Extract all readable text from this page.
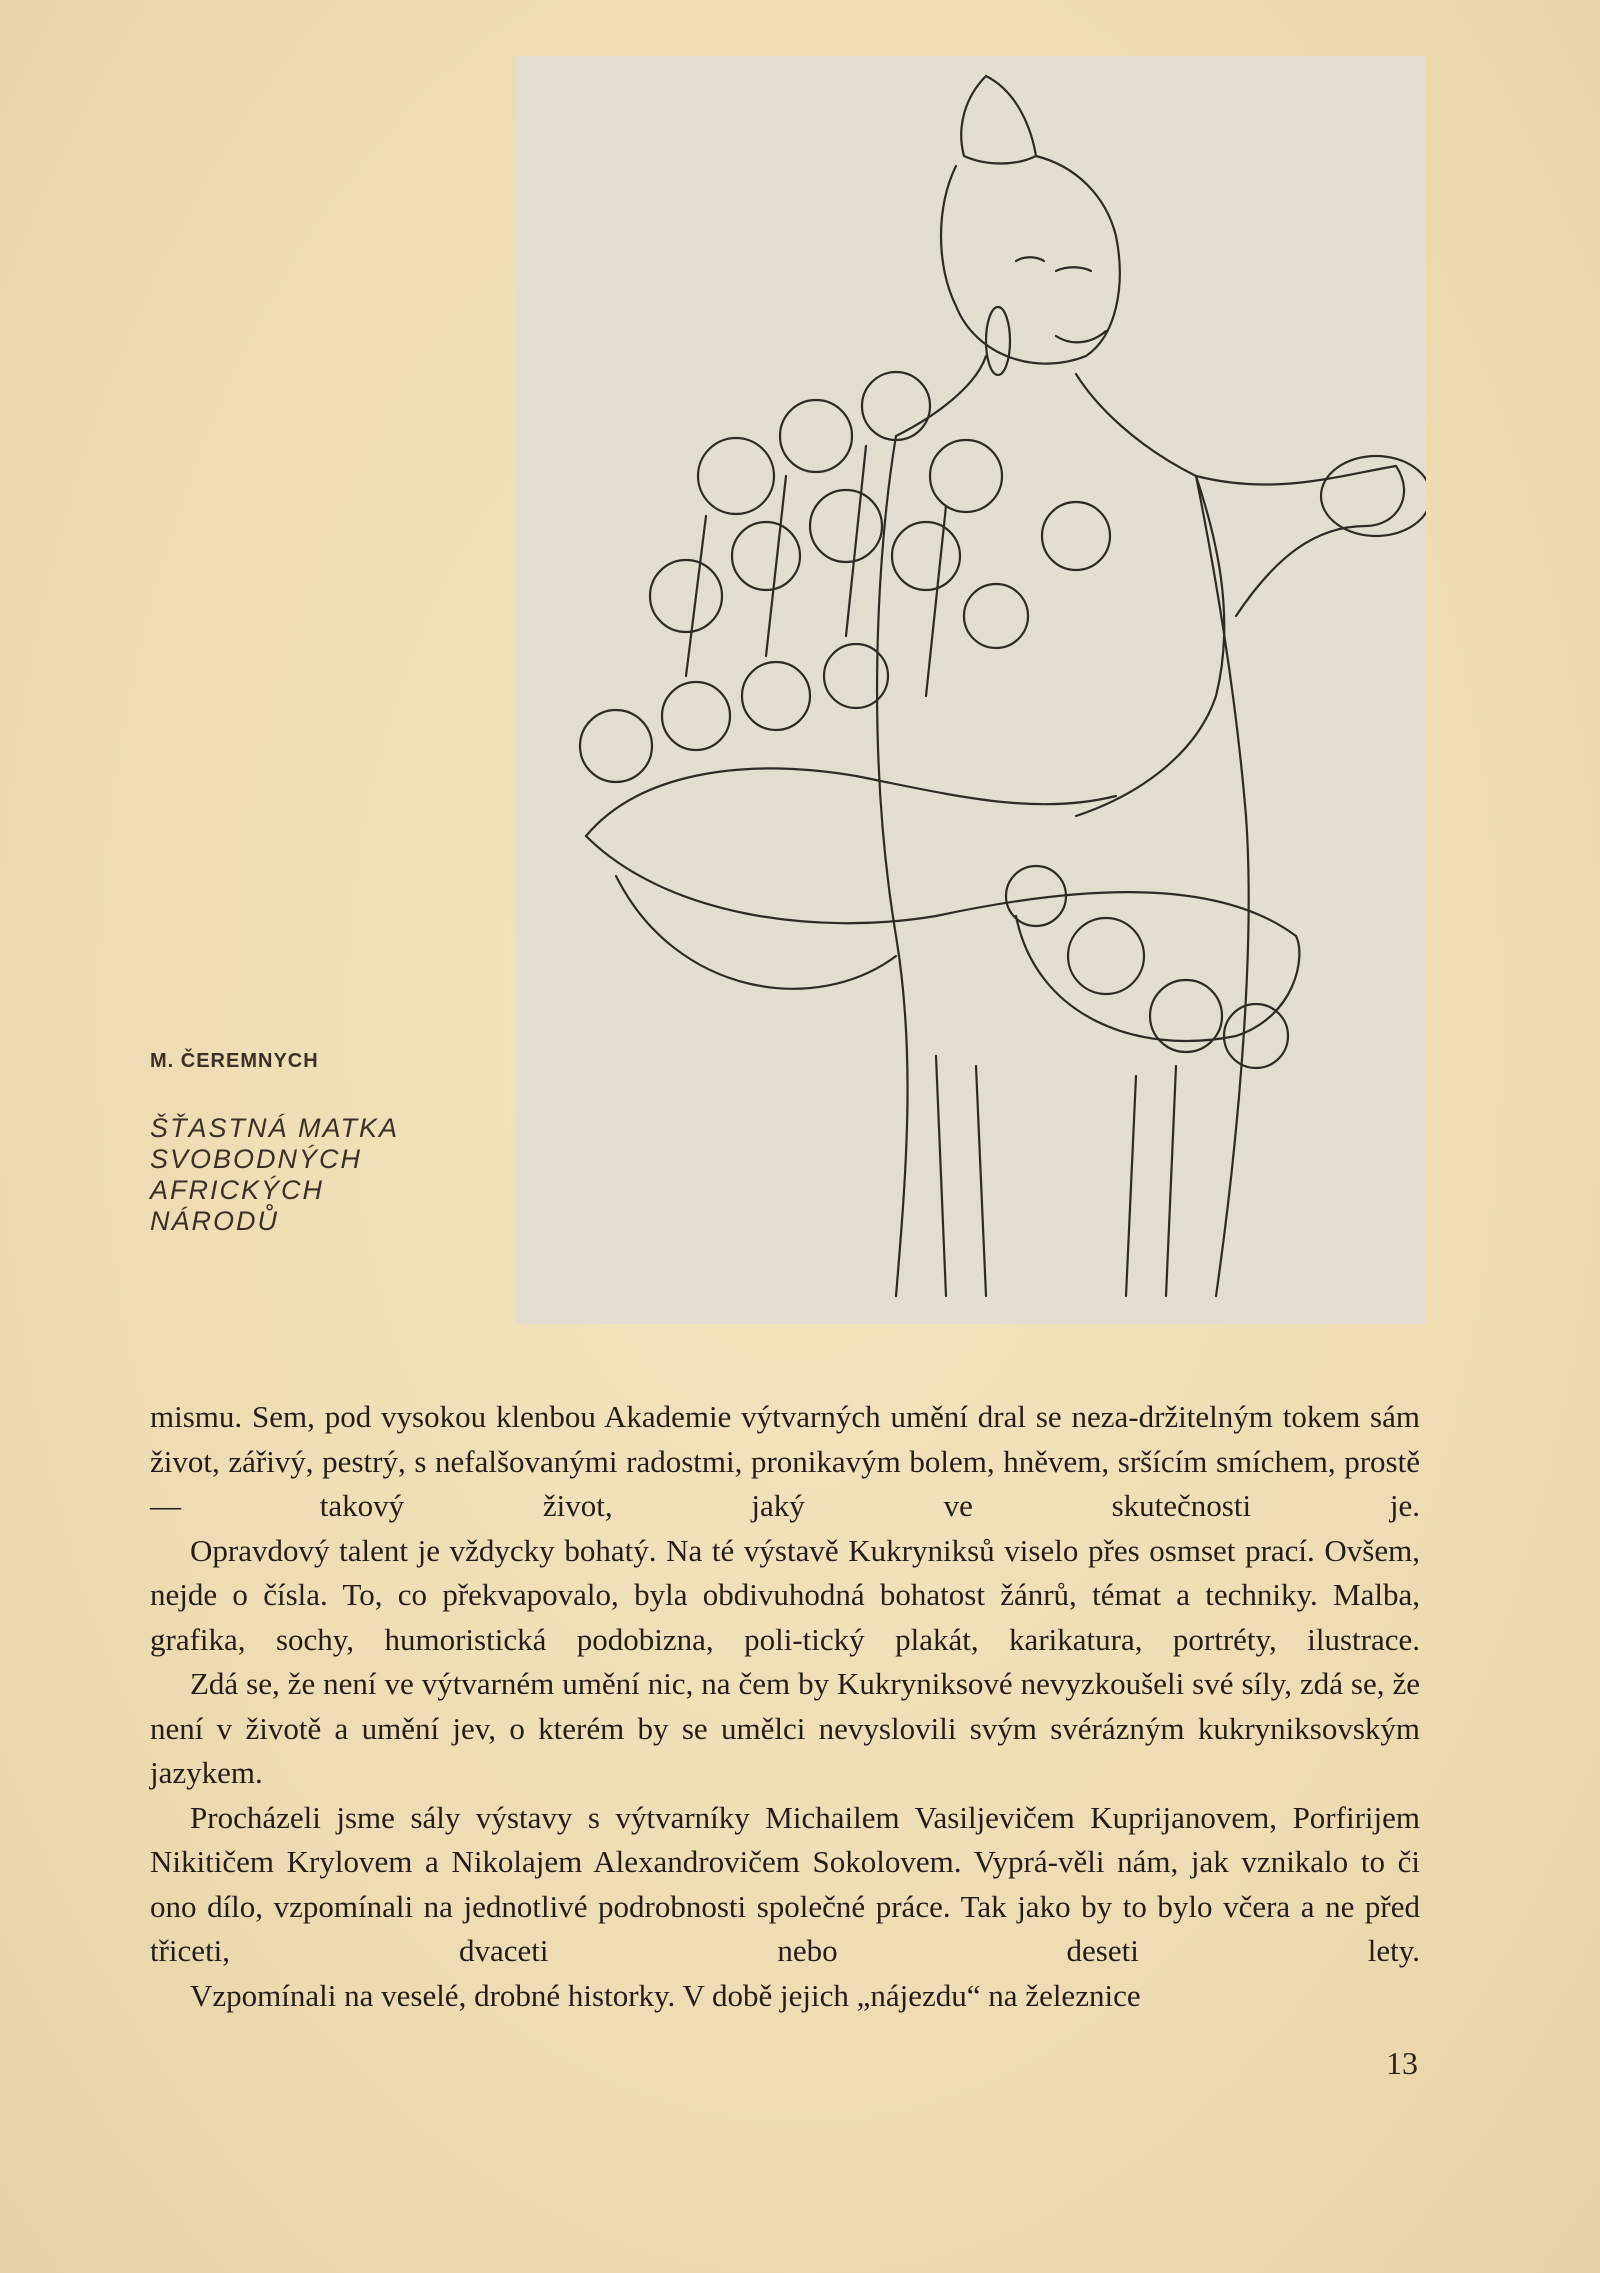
M. ČEREMNYCH
ŠŤASTNÁ MATKA
SVOBODNÝCH
AFRICKÝCH
NÁRODŮ

mismu. Sem, pod vysokou klenbou Akademie výtvarných umění dral se neza-držitelným tokem sám život, zářivý, pestrý, s nefalšovanými radostmi, pronikavým bolem, hněvem, sršícím smíchem, prostě — takový život, jaký ve skutečnosti je.

Opravdový talent je vždycky bohatý. Na té výstavě Kukryniksů viselo přes osmset prací. Ovšem, nejde o čísla. To, co překvapovalo, byla obdivuhodná bohatost žánrů, témat a techniky. Malba, grafika, sochy, humoristická podobizna, poli-tický plakát, karikatura, portréty, ilustrace.

Zdá se, že není ve výtvarném umění nic, na čem by Kukryniksové nevyzkoušeli své síly, zdá se, že není v životě a umění jev, o kterém by se umělci nevyslovili svým svérázným kukryniksovským jazykem.

Procházeli jsme sály výstavy s výtvarníky Michailem Vasiljevičem Kuprijanovem, Porfirijem Nikitičem Krylovem a Nikolajem Alexandrovičem Sokolovem. Vyprá-věli nám, jak vznikalo to či ono dílo, vzpomínali na jednotlivé podrobnosti společné práce. Tak jako by to bylo včera a ne před třiceti, dvaceti nebo deseti lety.

Vzpomínali na veselé, drobné historky. V době jejich „nájezdu“ na železnice

13
